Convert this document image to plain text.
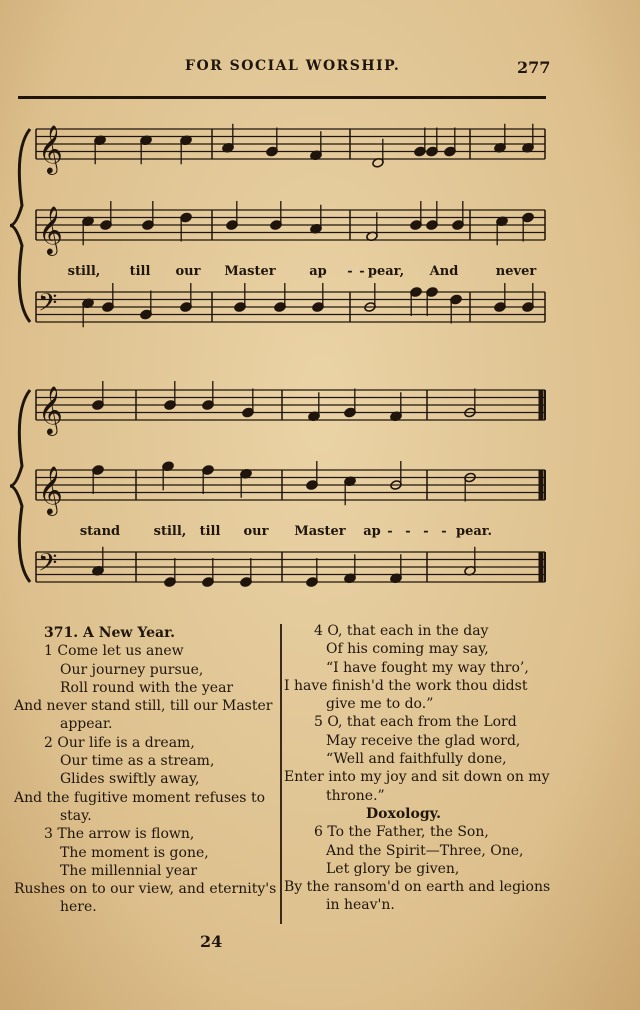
FOR SOCIAL WORSHIP.	277
𝄞
𝄞
𝄢
𝄞
𝄞
𝄢
still, till our Master	ap - - pear, And	never
stand	still, till our Master ap - - - - pear.
371. A New Year.
1 Come let us anew
Our journey pursue,
Roll round with the year
And never stand still, till our Master
appear.
2 Our life is a dream,
Our time as a stream,
Glides swiftly away,
And the fugitive moment refuses to
stay.
3 The arrow is flown,
The moment is gone,
The millennial year
Rushes on to our view, and eternity's
here.
4 O, that each in the day
Of his coming may say,
“I have fought my way thro’,
I have finish'd the work thou didst
give me to do.”
5 O, that each from the Lord
May receive the glad word,
“Well and faithfully done,
Enter into my joy and sit down on my
throne.”
Doxology.
6 To the Father, the Son,
And the Spirit—Three, One,
Let glory be given,
By the ransom'd on earth and legions
in heav'n.
24
